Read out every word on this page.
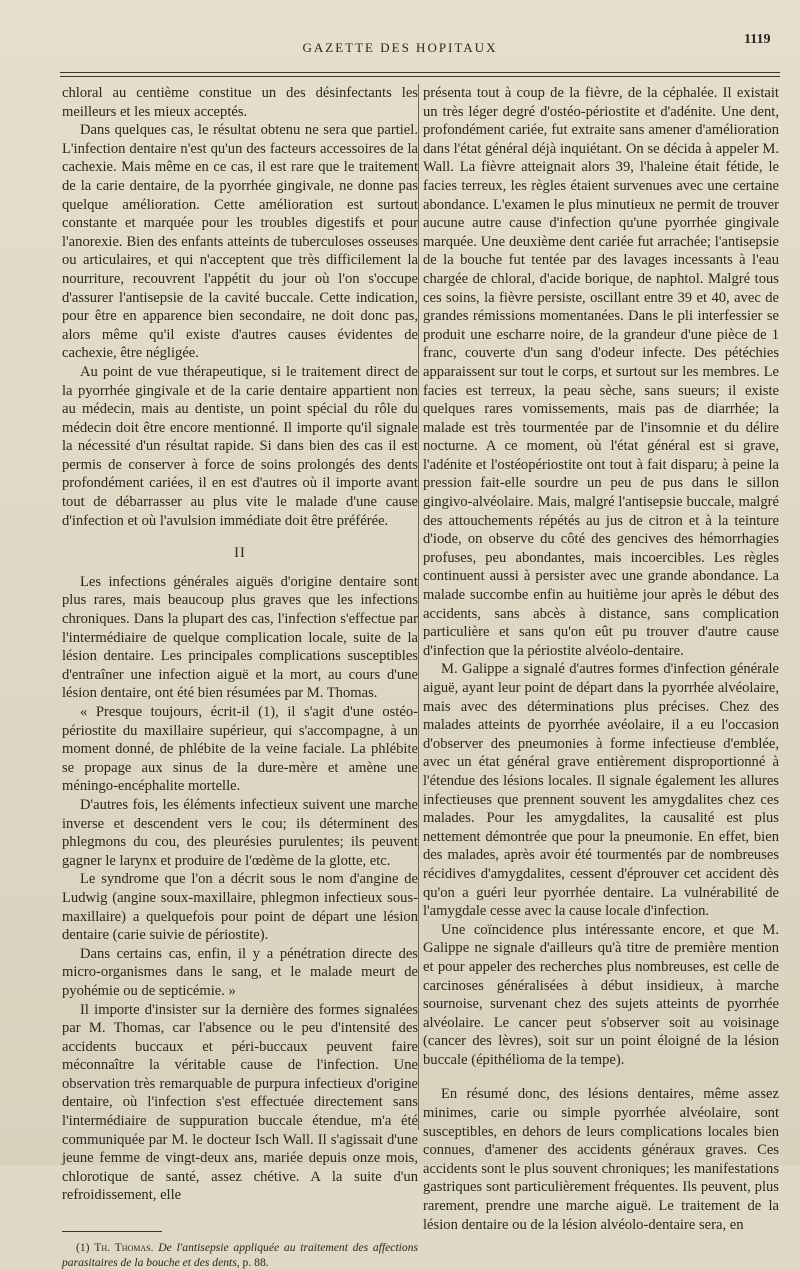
GAZETTE DES HOPITAUX
1119

chloral au centième constitue un des désinfectants les meilleurs et les mieux acceptés.

Dans quelques cas, le résultat obtenu ne sera que partiel. L'infection dentaire n'est qu'un des facteurs accessoires de la cachexie. Mais même en ce cas, il est rare que le traitement de la carie dentaire, de la pyorrhée gingivale, ne donne pas quelque amélioration. Cette amélioration est surtout constante et marquée pour les troubles digestifs et pour l'anorexie. Bien des enfants atteints de tuberculoses osseuses ou articulaires, et qui n'acceptent que très difficilement la nourriture, recouvrent l'appétit du jour où l'on s'occupe d'assurer l'antisepsie de la cavité buccale. Cette indication, pour être en apparence bien secondaire, ne doit donc pas, alors même qu'il existe d'autres causes évidentes de cachexie, être négligée.

Au point de vue thérapeutique, si le traitement direct de la pyorrhée gingivale et de la carie dentaire appartient non au médecin, mais au dentiste, un point spécial du rôle du médecin doit être encore mentionné. Il importe qu'il signale la nécessité d'un résultat rapide. Si dans bien des cas il est permis de conserver à force de soins prolongés des dents profondément cariées, il en est d'autres où il importe avant tout de débarrasser au plus vite le malade d'une cause d'infection et où l'avulsion immédiate doit être préférée.

II

Les infections générales aiguës d'origine dentaire sont plus rares, mais beaucoup plus graves que les infections chroniques. Dans la plupart des cas, l'infection s'effectue par l'intermédiaire de quelque complication locale, suite de la lésion dentaire. Les principales complications susceptibles d'entraîner une infection aiguë et la mort, au cours d'une lésion dentaire, ont été bien résumées par M. Thomas.

« Presque toujours, écrit-il (1), il s'agit d'une ostéo-périostite du maxillaire supérieur, qui s'accompagne, à un moment donné, de phlébite de la veine faciale. La phlébite se propage aux sinus de la dure-mère et amène une méningo-encéphalite mortelle.

D'autres fois, les éléments infectieux suivent une marche inverse et descendent vers le cou; ils déterminent des phlegmons du cou, des pleurésies purulentes; ils peuvent gagner le larynx et produire de l'œdème de la glotte, etc.

Le syndrome que l'on a décrit sous le nom d'angine de Ludwig (angine soux-maxillaire, phlegmon infectieux sous-maxillaire) a quelquefois pour point de départ une lésion dentaire (carie suivie de périostite).

Dans certains cas, enfin, il y a pénétration directe des micro-organismes dans le sang, et le malade meurt de pyohémie ou de septicémie. »

Il importe d'insister sur la dernière des formes signalées par M. Thomas, car l'absence ou le peu d'intensité des accidents buccaux et péri-buccaux peuvent faire méconnaître la véritable cause de l'infection. Une observation très remarquable de purpura infectieux d'origine dentaire, où l'infection s'est effectuée directement sans l'intermédiaire de suppuration buccale étendue, m'a été communiquée par M. le docteur Isch Wall. Il s'agissait d'une jeune femme de vingt-deux ans, mariée depuis onze mois, chlorotique de santé, assez chétive. A la suite d'un refroidissement, elle

(1) Th. Thomas. De l'antisepsie appliquée au traitement des affections parasitaires de la bouche et des dents, p. 88.

présenta tout à coup de la fièvre, de la céphalée. Il existait un très léger degré d'ostéo-périostite et d'adénite. Une dent, profondément cariée, fut extraite sans amener d'amélioration dans l'état général déjà inquiétant. On se décida à appeler M. Wall. La fièvre atteignait alors 39, l'haleine était fétide, le facies terreux, les règles étaient survenues avec une certaine abondance. L'examen le plus minutieux ne permit de trouver aucune autre cause d'infection qu'une pyorrhée gingivale marquée. Une deuxième dent cariée fut arrachée; l'antisepsie de la bouche fut tentée par des lavages incessants à l'eau chargée de chloral, d'acide borique, de naphtol. Malgré tous ces soins, la fièvre persiste, oscillant entre 39 et 40, avec de grandes rémissions momentanées. Dans le pli interfessier se produit une escharre noire, de la grandeur d'une pièce de 1 franc, couverte d'un sang d'odeur infecte. Des pétéchies apparaissent sur tout le corps, et surtout sur les membres. Le facies est terreux, la peau sèche, sans sueurs; il existe quelques rares vomissements, mais pas de diarrhée; la malade est très tourmentée par de l'insomnie et du délire nocturne. A ce moment, où l'état général est si grave, l'adénite et l'ostéopériostite ont tout à fait disparu; à peine la pression fait-elle sourdre un peu de pus dans le sillon gingivo-alvéolaire. Mais, malgré l'antisepsie buccale, malgré des attouchements répétés au jus de citron et à la teinture d'iode, on observe du côté des gencives des hémorrhagies profuses, peu abondantes, mais incoercibles. Les règles continuent aussi à persister avec une grande abondance. La malade succombe enfin au huitième jour après le début des accidents, sans abcès à distance, sans complication particulière et sans qu'on eût pu trouver d'autre cause d'infection que la périostite alvéolo-dentaire.

M. Galippe a signalé d'autres formes d'infection générale aiguë, ayant leur point de départ dans la pyorrhée alvéolaire, mais avec des déterminations plus précises. Chez des malades atteints de pyorrhée avéolaire, il a eu l'occasion d'observer des pneumonies à forme infectieuse d'emblée, avec un état général grave entièrement disproportionné à l'étendue des lésions locales. Il signale également les allures infectieuses que prennent souvent les amygdalites chez ces malades. Pour les amygdalites, la causalité est plus nettement démontrée que pour la pneumonie. En effet, bien des malades, après avoir été tourmentés par de nombreuses récidives d'amygdalites, cessent d'éprouver cet accident dès qu'on a guéri leur pyorrhée dentaire. La vulnérabilité de l'amygdale cesse avec la cause locale d'infection.

Une coïncidence plus intéressante encore, et que M. Galippe ne signale d'ailleurs qu'à titre de première mention et pour appeler des recherches plus nombreuses, est celle de carcinoses généralisées à début insidieux, à marche sournoise, survenant chez des sujets atteints de pyorrhée alvéolaire. Le cancer peut s'observer soit au voisinage (cancer des lèvres), soit sur un point éloigné de la lésion buccale (épithélioma de la tempe).

En résumé donc, des lésions dentaires, même assez minimes, carie ou simple pyorrhée alvéolaire, sont susceptibles, en dehors de leurs complications locales bien connues, d'amener des accidents généraux graves. Ces accidents sont le plus souvent chroniques; les manifestations gastriques sont particulièrement fréquentes. Ils peuvent, plus rarement, prendre une marche aiguë. Le traitement de la lésion dentaire ou de la lésion alvéolo-dentaire sera, en
